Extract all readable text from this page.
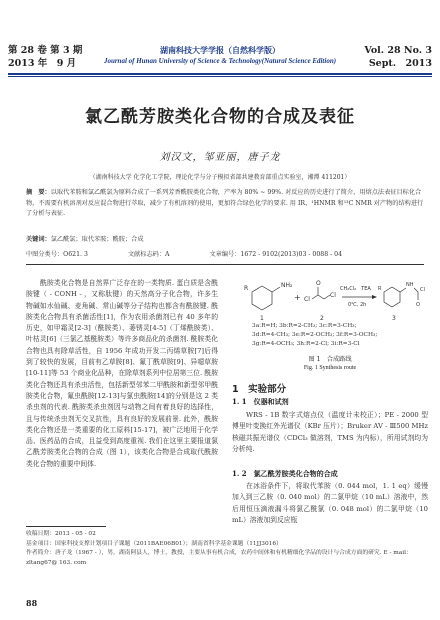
第 28 卷 第 3 期
2013 年　9 月
湖南科技大学学报（自然科学版）
Journal of Hunan University of Science & Technology(Natural Science Edition)
Vol. 28 No. 3
Sept.　2013
氯乙酰芳胺类化合物的合成及表征
刘汉文，邹亚丽，唐子龙
（湖南科技大学 化学化工学院，理论化学与分子模拟省部共建教育部重点实验室，湘潭 411201）
摘　要：以取代苯胺和氯乙酰氯为原料合成了一系列芳香酰胺类化合物，产率为 80% ~ 99%. 对反应的历史进行了简介，用熔点法表征目标化合物，不需要有机溶剂对反应混合物进行萃取，减少了有机溶剂的使用，更加符合绿色化学的要求. 用 IR，¹HNMR 和¹³C NMR 对产物的结构进行了分析与表征.
关键词：氯乙酰氯；取代苯胺；酰胺；合成
中图分类号：O621. 3	文献标志码：A	文章编号：1672 - 9102(2013)03 - 0088 - 04

酰胺类化合物是自然界广泛存在的一类物质. 蛋白质是含酰胺键（ - CONH - ，又称肽键）的天然高分子化合物，许多生物碱如水仙碱、麦角碱、常山碱等分子结构也都含有酰胺键. 酰胺类化合物具有杀菌活性[1]，作为农用杀菌剂已有 40 多年的历史，如甲霜灵[2-3]（酰胺类）、萎锈灵[4-5]（丁烯酰胺类）、叶枯灵[6]（三氯乙基酰胺类）等许多商品化的杀菌剂. 酰胺类化合物也具有除草活性，自 1956 年成功开发二丙烯草胺[7]后得到了较快的发展，目前有乙草胺[8]、氟丁酰草胺[9]、异噁草胺[10-11]等 53 个商业化品种，在除草剂系列中位居第三位. 酰胺类化合物还具有杀虫活性，包括新型邻苯二甲酰胺和新型邻甲酰胺类化合物，氟虫酰胺[12-13]与氯虫酰胺[14]的分别是这 2 类杀虫剂的代表. 酰胺类杀虫剂因与动物之间有着良好的选择性，且与传统杀虫剂无交叉抗性，具有良好的发展前景. 此外，酰胺类化合物还是一类重要的化工原料[15-17]，被广泛地用于化学品、医药品的合成，且益受到高度重视. 我们在这里主要报道氯乙酰芳胺类化合物的合成（图 1），该类化合物是合成取代酰胺类化合物的重要中间体.

NH₂
R
+ Cl
O
Cl
NH
O
Cl
R
1	2	3
CH₂Cl₂　TEA
0℃, 2h
3a:R=H; 3b:R=2-CH₃; 3c:R=3-CH₃;
3d:R=4-CH₃; 3e:R=2-OCH₃; 3f:R=3-OCH₃;
3g:R=4-OCH₃; 3h:R=2-Cl; 3i:R=3-Cl
图 1　合成路线
Fig. 1 Synthesis route
1　实验部分
1. 1　仪器和试剂

WRS - 1B 数字式熔点仪（温度计未校正）；PE - 2000 型傅里叶变换红外光谱仪（KBr 压片）；Bruker AV - Ⅲ500 MHz 核磁共振光谱仪（CDCl₃ 做溶剂，TMS 为内标），所用试剂均为分析纯.

1. 2　氯乙酰芳胺类化合物的合成

在冰浴条件下，将取代苯胺（0. 044 mol，1. 1 eq）缓慢加入到三乙胺（0. 040 mol）的二氯甲烷（10 mL）溶液中，然后用恒压滴液漏斗将氯乙酰氯（0. 048 mol）的二氯甲烷（10 mL）溶液加到反应瓶

收稿日期：2013 - 05 - 02
基金项目：国家科技支撑计划项目子课题（2011BAE06B01）；湖南省科学基金课题（11JJ3016）
作者简介：唐子龙（1967 - ），男，湖南阿县人，博士，教授，主要从事有机合成，农药中间体和有机精细化学品的设计与合成方面的研究. E - mail：
zltang67@ 163. com
88
